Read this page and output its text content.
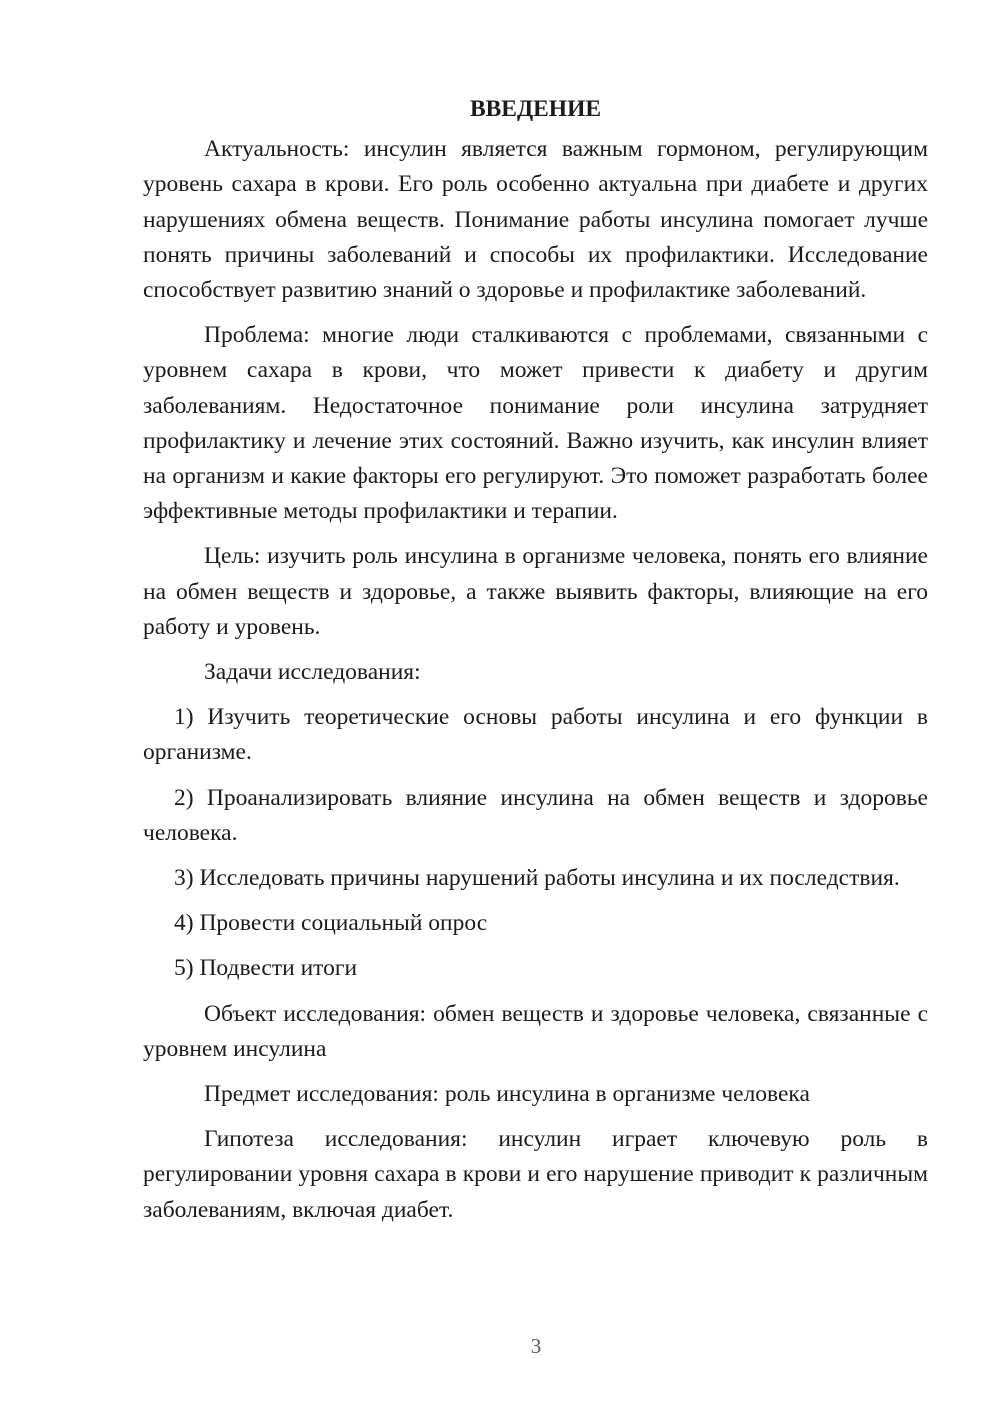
ВВЕДЕНИЕ

Актуальность: инсулин является важным гормоном, регулирующим уровень сахара в крови. Его роль особенно актуальна при диабете и других нарушениях обмена веществ. Понимание работы инсулина помогает лучше понять причины заболеваний и способы их профилактики. Исследование способствует развитию знаний о здоровье и профилактике заболеваний.

Проблема: многие люди сталкиваются с проблемами, связанными с уровнем сахара в крови, что может привести к диабету и другим заболеваниям. Недостаточное понимание роли инсулина затрудняет профилактику и лечение этих состояний. Важно изучить, как инсулин влияет на организм и какие факторы его регулируют. Это поможет разработать более эффективные методы профилактики и терапии.

Цель: изучить роль инсулина в организме человека, понять его влияние на обмен веществ и здоровье, а также выявить факторы, влияющие на его работу и уровень.

Задачи исследования:

1) Изучить теоретические основы работы инсулина и его функции в организме.

2) Проанализировать влияние инсулина на обмен веществ и здоровье человека.

3) Исследовать причины нарушений работы инсулина и их последствия.

4) Провести социальный опрос

5) Подвести итоги

Объект исследования: обмен веществ и здоровье человека, связанные с уровнем инсулина

Предмет исследования: роль инсулина в организме человека

Гипотеза исследования: инсулин играет ключевую роль в регулировании уровня сахара в крови и его нарушение приводит к различным заболеваниям, включая диабет.

3
